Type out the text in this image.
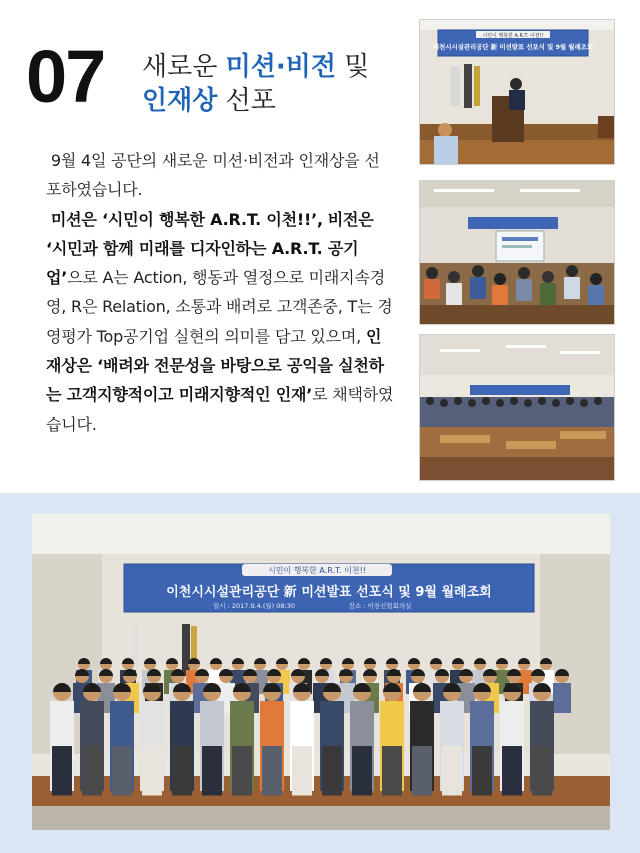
07 새로운 미션·비전 및
인재상 선포

9월 4일 공단의 새로운 미션·비전과 인재상을 선포하였습니다.

미션은 ‘시민이 행복한 A.R.T. 이천!!’, 비전은 ‘시민과 함께 미래를 디자인하는 A.R.T. 공기업’으로 A는 Action, 행동과 열정으로 미래지속경영, R은 Relation, 소통과 배려로 고객존중, T는 경영평가 Top공기업 실현의 의미를 담고 있으며, 인재상은 ‘배려와 전문성을 바탕으로 공익을 실천하는 고객지향적이고 미래지향적인 인재’로 채택하였습니다.

시민이 행복한 A.R.T. 이천!!
이천시시설관리공단 新 미션발표 선포식 및 9월 월례조회
시민이 행복한 A.R.T. 이천!!
이천시시설관리공단 新 미션발표 선포식 및 9월 월례조회
일시 : 2017.9.4.(월) 08:30	장소 : 이천신협회의실
